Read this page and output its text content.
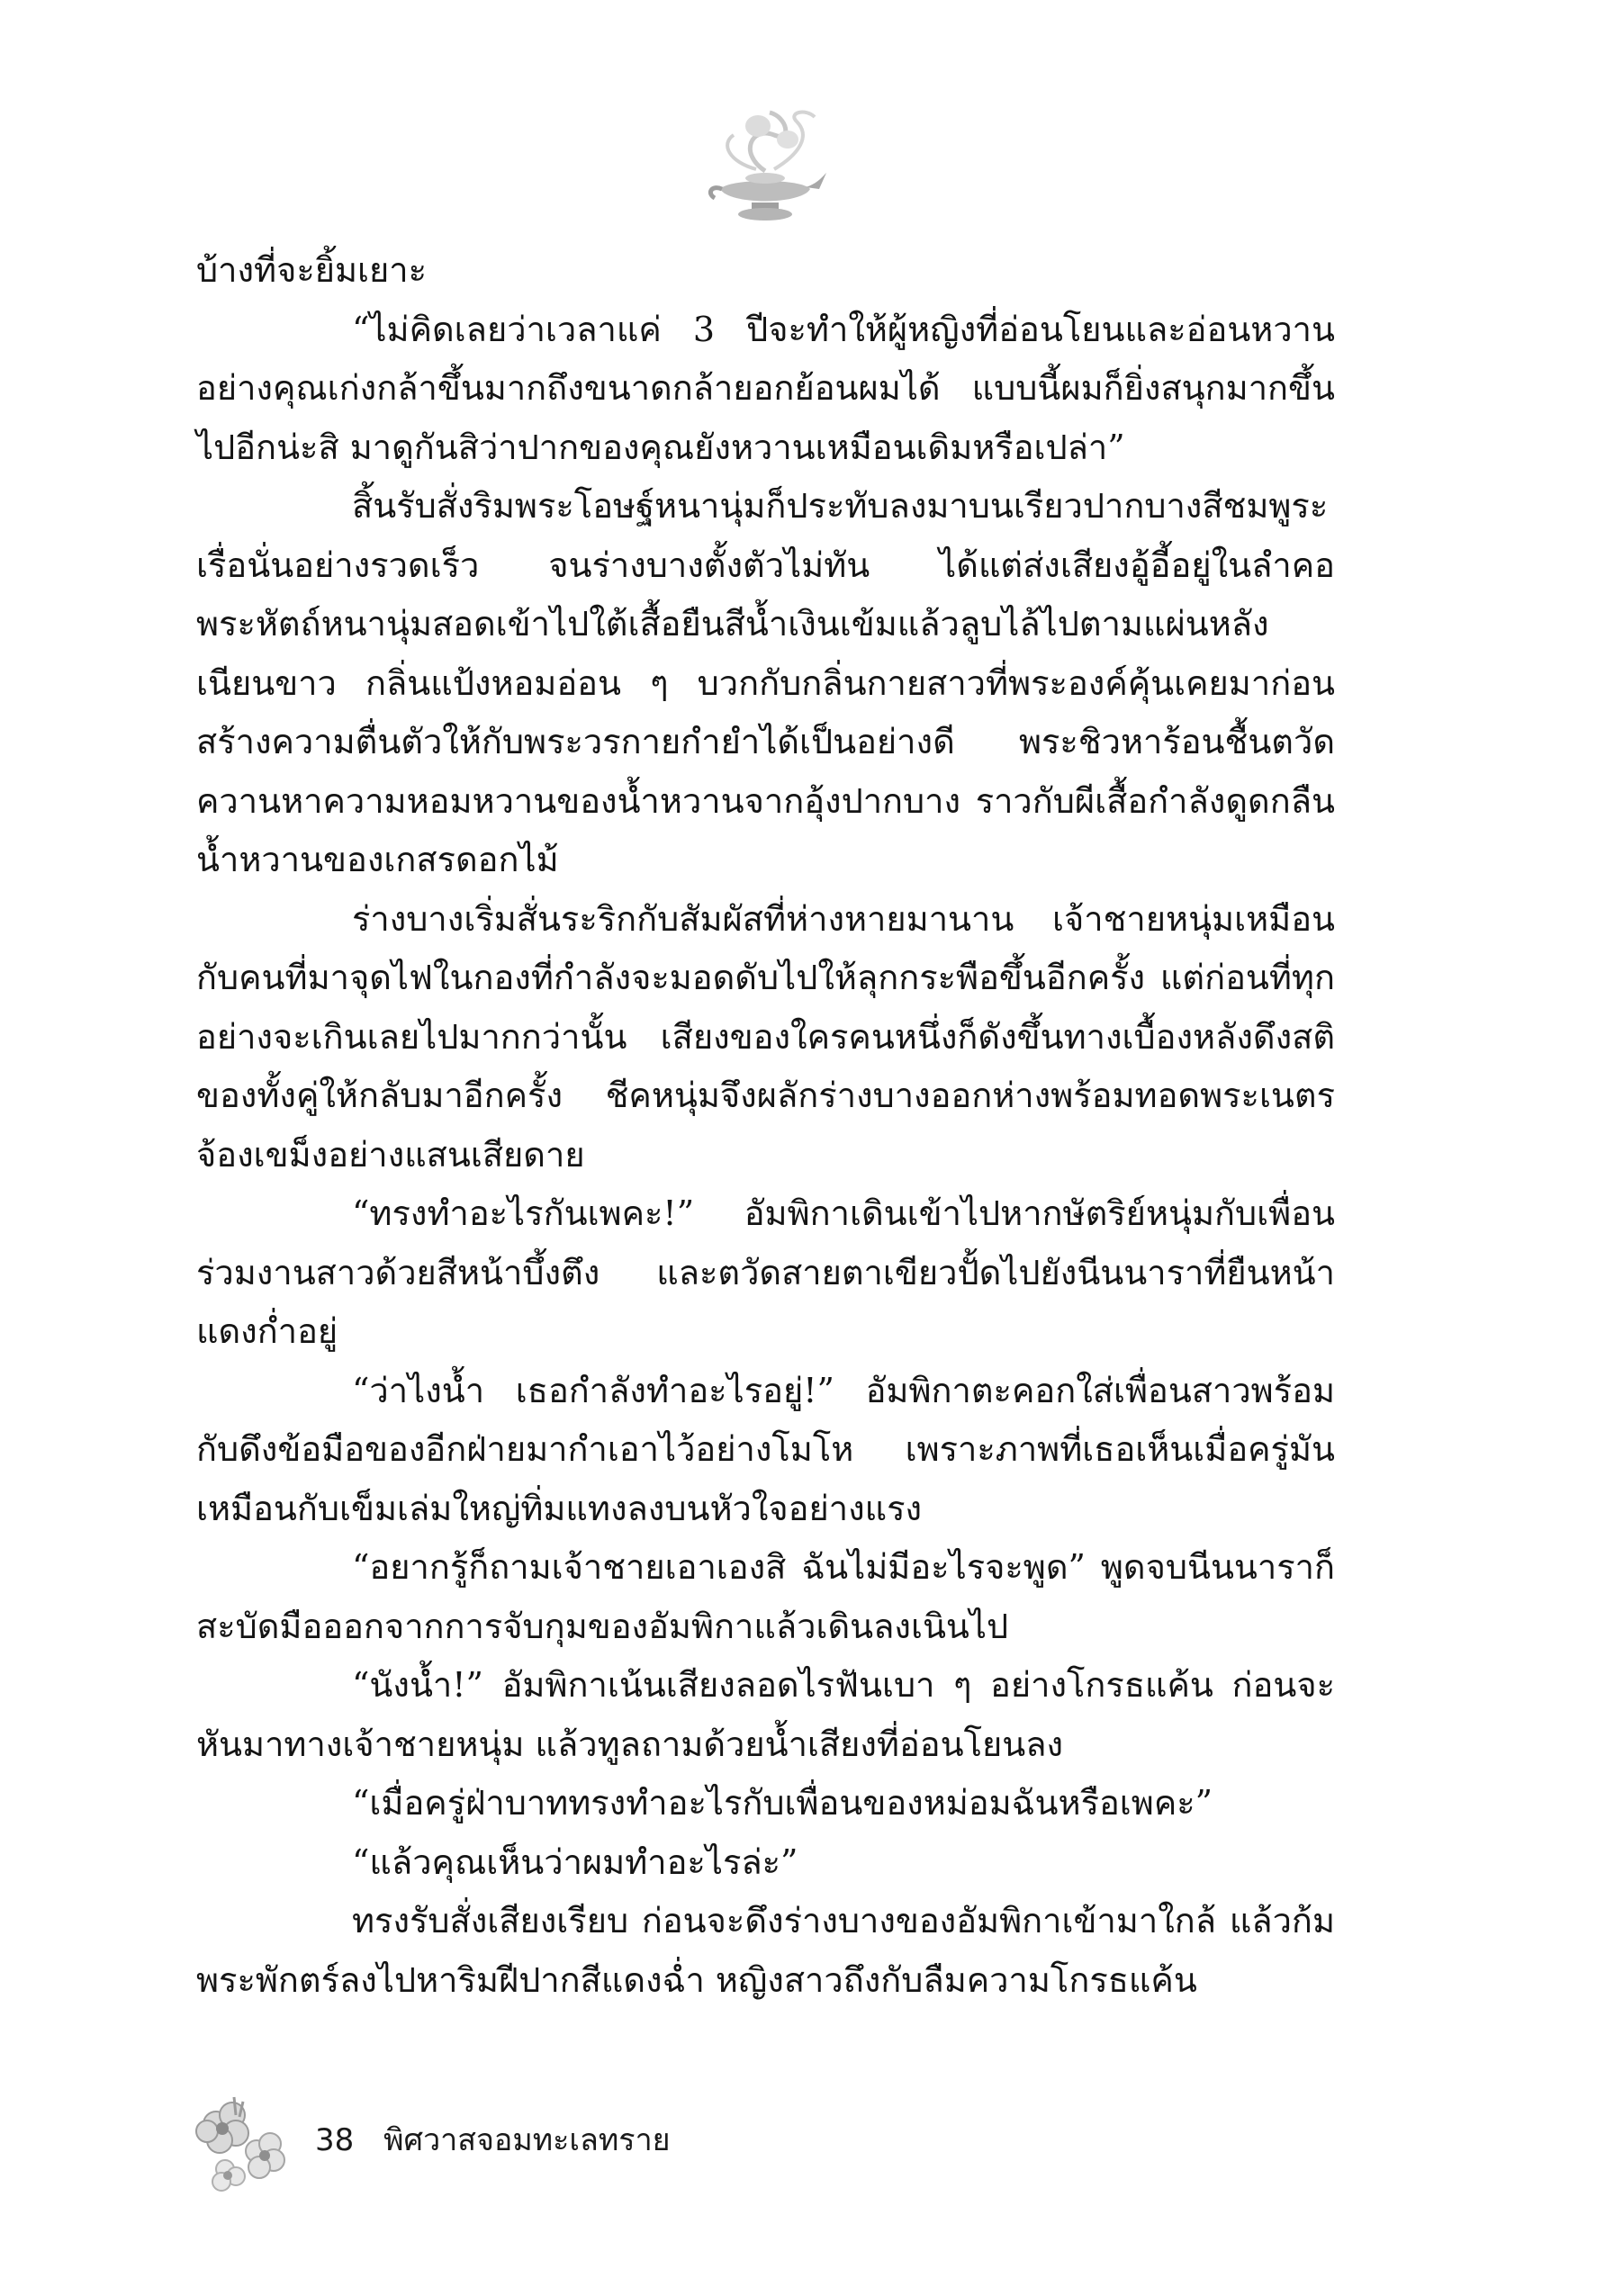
บ้างที่จะยิ้มเยาะ

“ไม่คิดเลยว่าเวลาแค่ 3 ปีจะทำให้ผู้หญิงที่อ่อนโยนและอ่อนหวานอย่างคุณเก่งกล้าขึ้นมากถึงขนาดกล้ายอกย้อนผมได้ แบบนี้ผมก็ยิ่งสนุกมากขึ้นไปอีกน่ะสิ มาดูกันสิว่าปากของคุณยังหวานเหมือนเดิมหรือเปล่า”

สิ้นรับสั่งริมพระโอษฐ์หนานุ่มก็ประทับลงมาบนเรียวปากบางสีชมพูระเรื่อนั่นอย่างรวดเร็ว จนร่างบางตั้งตัวไม่ทัน ได้แต่ส่งเสียงอู้อี้อยู่ในลำคอ พระหัตถ์หนานุ่มสอดเข้าไปใต้เสื้อยืนสีน้ำเงินเข้มแล้วลูบไล้ไปตามแผ่นหลังเนียนขาว กลิ่นแป้งหอมอ่อน ๆ บวกกับกลิ่นกายสาวที่พระองค์คุ้นเคยมาก่อน สร้างความตื่นตัวให้กับพระวรกายกำยำได้เป็นอย่างดี พระชิวหาร้อนชื้นตวัดควานหาความหอมหวานของน้ำหวานจากอุ้งปากบาง ราวกับผีเสื้อกำลังดูดกลืนน้ำหวานของเกสรดอกไม้

ร่างบางเริ่มสั่นระริกกับสัมผัสที่ห่างหายมานาน เจ้าชายหนุ่มเหมือนกับคนที่มาจุดไฟในกองที่กำลังจะมอดดับไปให้ลุกกระพือขึ้นอีกครั้ง แต่ก่อนที่ทุกอย่างจะเกินเลยไปมากกว่านั้น เสียงของใครคนหนึ่งก็ดังขึ้นทางเบื้องหลังดึงสติของทั้งคู่ให้กลับมาอีกครั้ง ชีคหนุ่มจึงผลักร่างบางออกห่างพร้อมทอดพระเนตรจ้องเขม็งอย่างแสนเสียดาย

“ทรงทำอะไรกันเพคะ!” อัมพิกาเดินเข้าไปหากษัตริย์หนุ่มกับเพื่อนร่วมงานสาวด้วยสีหน้าบึ้งตึง และตวัดสายตาเขียวปั้ดไปยังนีนนาราที่ยืนหน้าแดงก่ำอยู่

“ว่าไงน้ำ เธอกำลังทำอะไรอยู่!” อัมพิกาตะคอกใส่เพื่อนสาวพร้อมกับดึงข้อมือของอีกฝ่ายมากำเอาไว้อย่างโมโห เพราะภาพที่เธอเห็นเมื่อครู่มันเหมือนกับเข็มเล่มใหญ่ทิ่มแทงลงบนหัวใจอย่างแรง

“อยากรู้ก็ถามเจ้าชายเอาเองสิ ฉันไม่มีอะไรจะพูด” พูดจบนีนนาราก็สะบัดมือออกจากการจับกุมของอัมพิกาแล้วเดินลงเนินไป

“นังน้ำ!” อัมพิกาเน้นเสียงลอดไรฟันเบา ๆ อย่างโกรธแค้น ก่อนจะหันมาทางเจ้าชายหนุ่ม แล้วทูลถามด้วยน้ำเสียงที่อ่อนโยนลง

“เมื่อครู่ฝ่าบาททรงทำอะไรกับเพื่อนของหม่อมฉันหรือเพคะ”

“แล้วคุณเห็นว่าผมทำอะไรล่ะ”

ทรงรับสั่งเสียงเรียบ ก่อนจะดึงร่างบางของอัมพิกาเข้ามาใกล้ แล้วก้มพระพักตร์ลงไปหาริมฝีปากสีแดงฉ่ำ หญิงสาวถึงกับลืมความโกรธแค้น

38 พิศวาสจอมทะเลทราย
